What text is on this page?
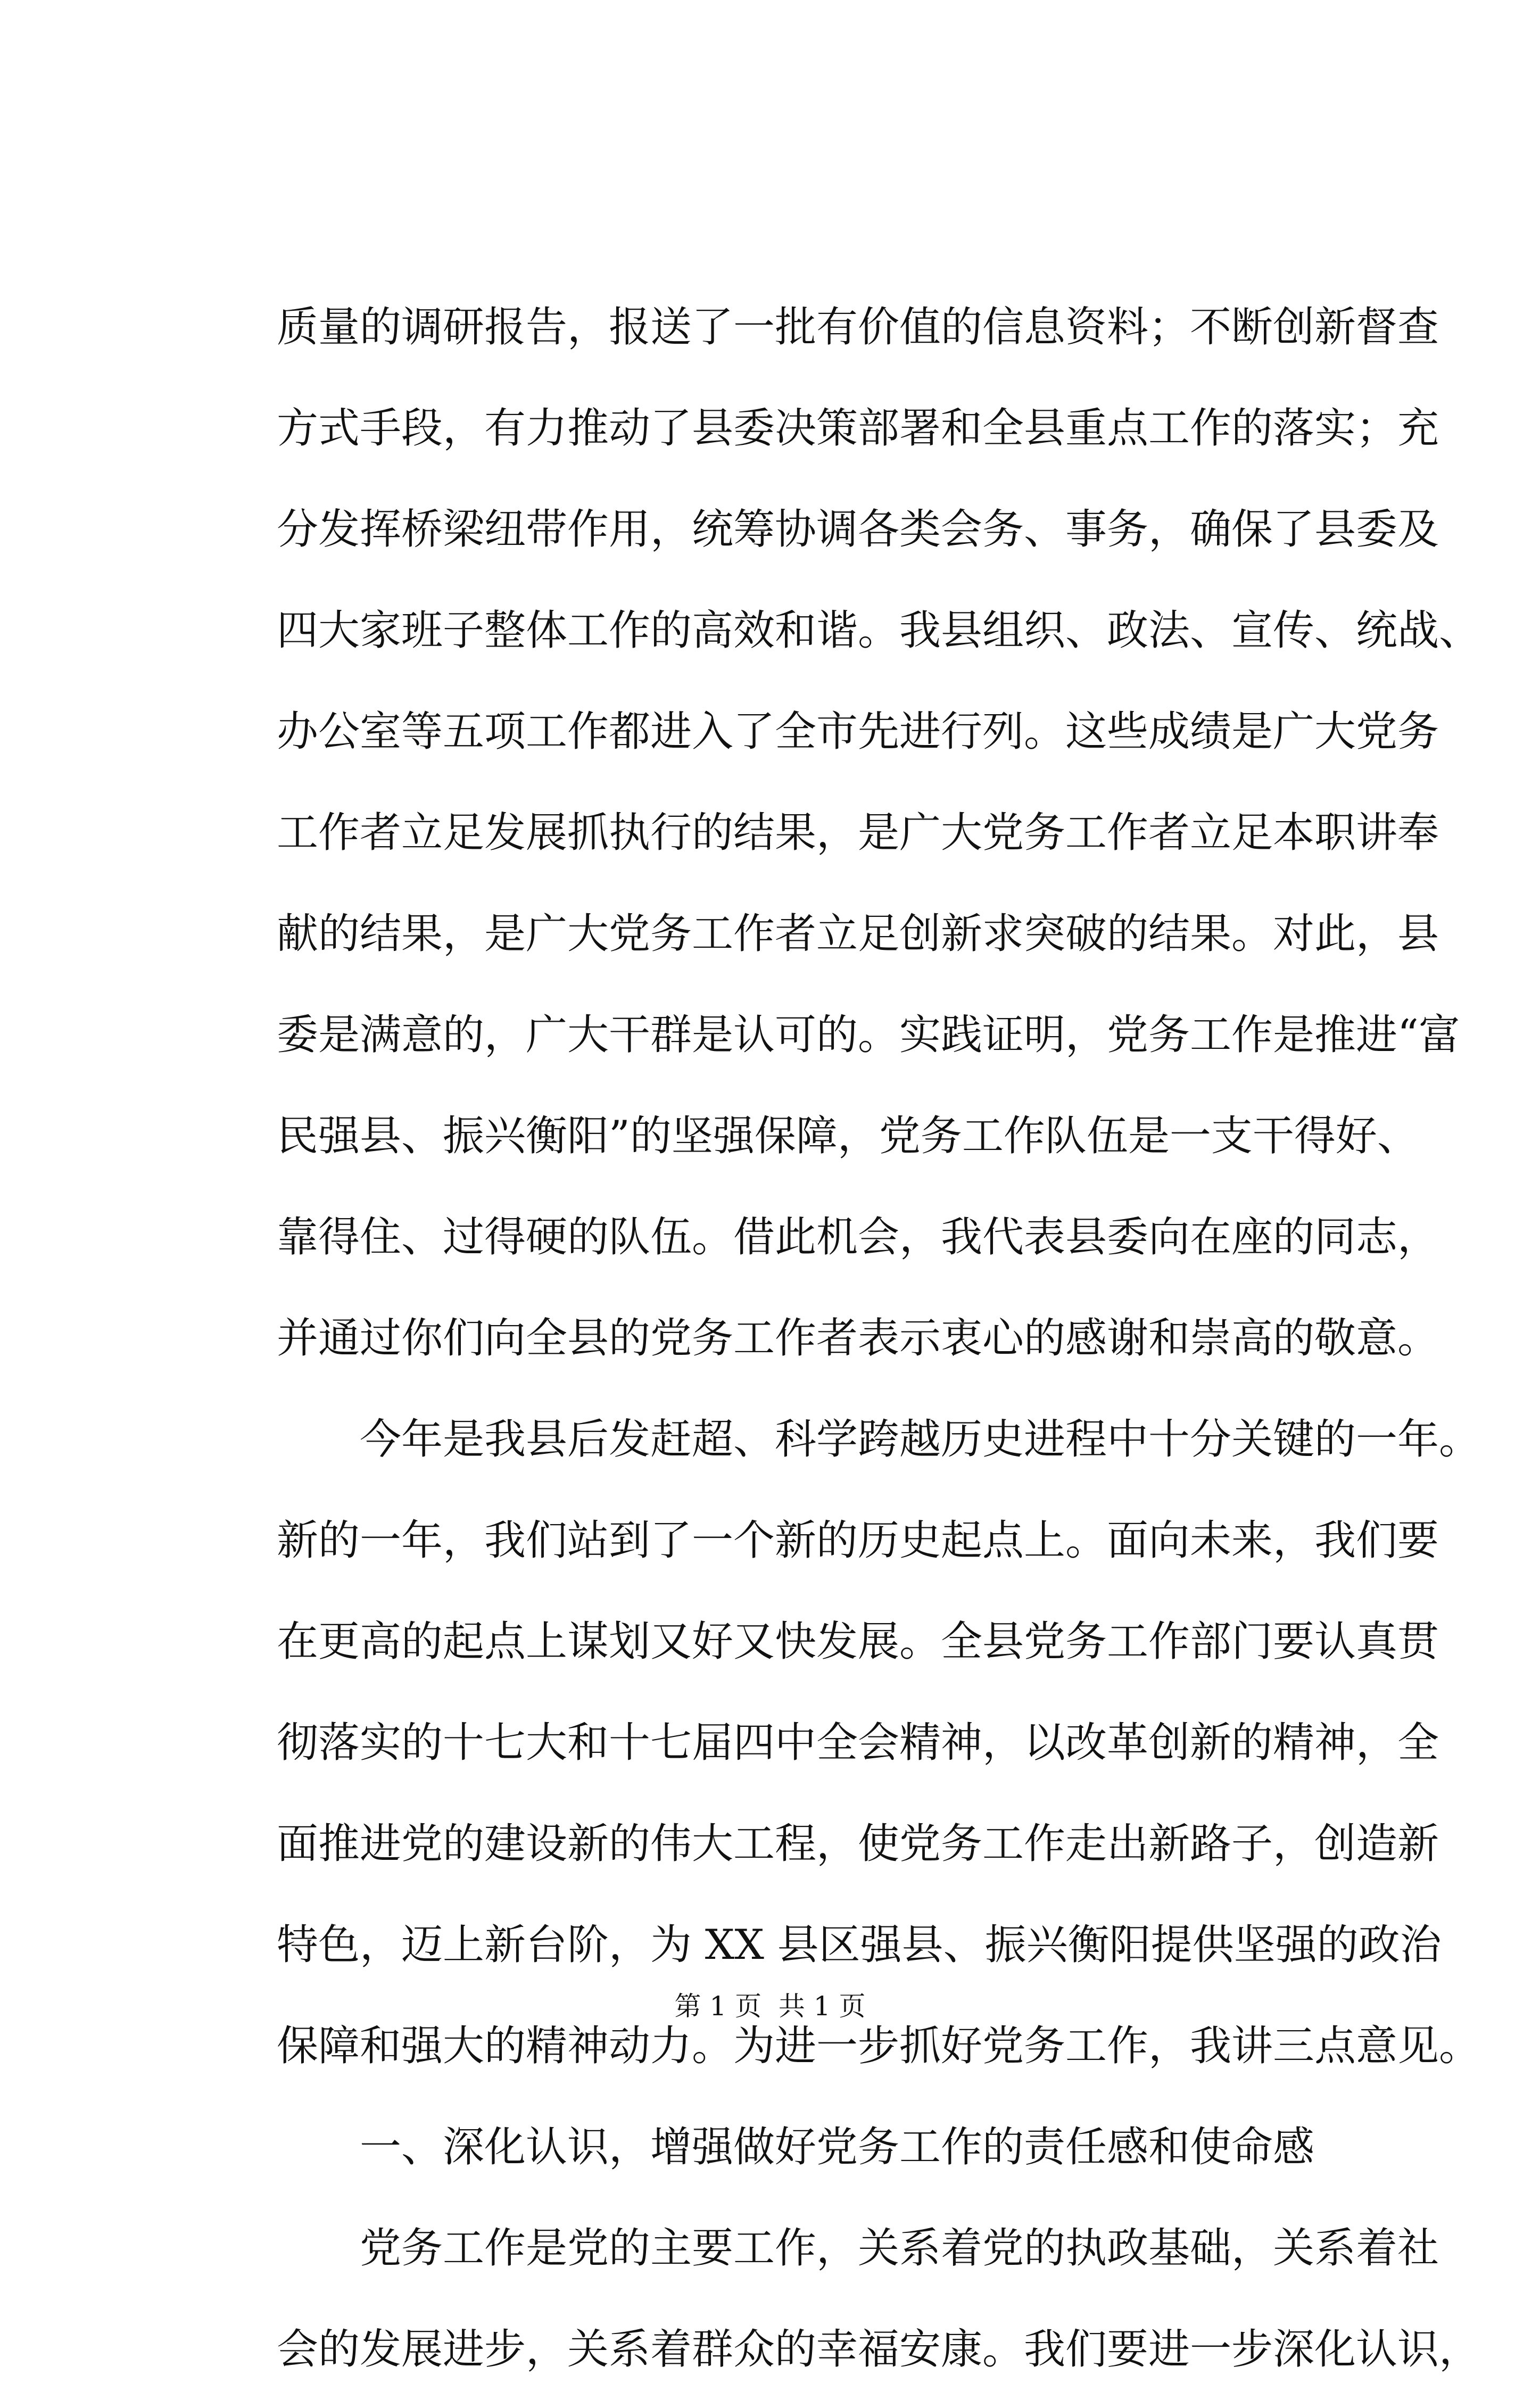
质量的调研报告，报送了一批有价值的信息资料；不断创新督查
方式手段，有力推动了县委决策部署和全县重点工作的落实；充
分发挥桥梁纽带作用，统筹协调各类会务、事务，确保了县委及
四大家班子整体工作的高效和谐。我县组织、政法、宣传、统战、
办公室等五项工作都进入了全市先进行列。这些成绩是广大党务
工作者立足发展抓执行的结果，是广大党务工作者立足本职讲奉
献的结果，是广大党务工作者立足创新求突破的结果。对此，县
委是满意的，广大干群是认可的。实践证明，党务工作是推进“富
民强县、振兴衡阳”的坚强保障，党务工作队伍是一支干得好、
靠得住、过得硬的队伍。借此机会，我代表县委向在座的同志，
并通过你们向全县的党务工作者表示衷心的感谢和崇高的敬意。
　　今年是我县后发赶超、科学跨越历史进程中十分关键的一年。
新的一年，我们站到了一个新的历史起点上。面向未来，我们要
在更高的起点上谋划又好又快发展。全县党务工作部门要认真贯
彻落实的十七大和十七届四中全会精神，以改革创新的精神，全
面推进党的建设新的伟大工程，使党务工作走出新路子，创造新
特色，迈上新台阶，为 XX 县区强县、振兴衡阳提供坚强的政治
保障和强大的精神动力。为进一步抓好党务工作，我讲三点意见。
　　一、深化认识，增强做好党务工作的责任感和使命感
　　党务工作是党的主要工作，关系着党的执政基础，关系着社
会的发展进步，关系着群众的幸福安康。我们要进一步深化认识，
第 1 页  共 1 页
